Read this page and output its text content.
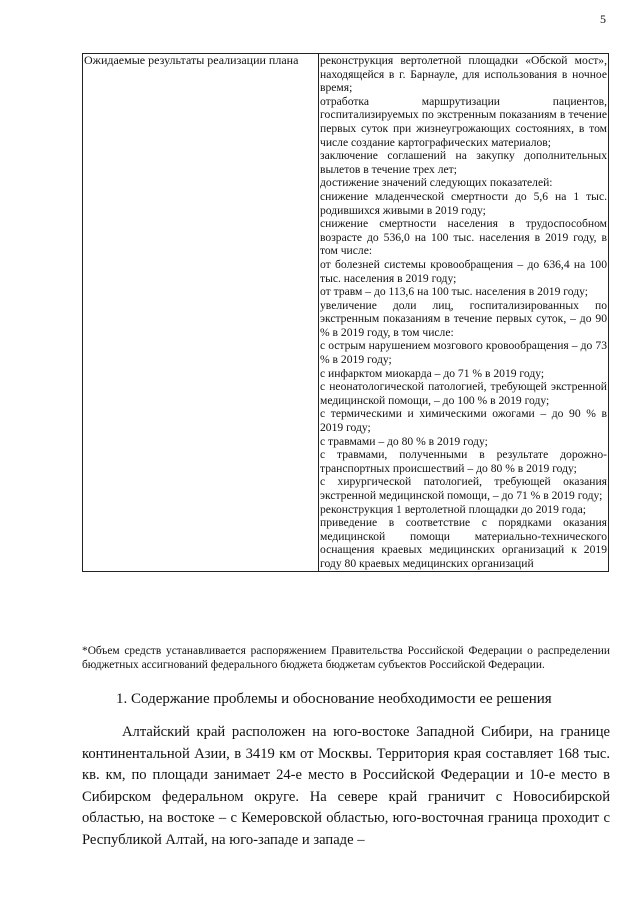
5
Ожидаемые результаты реализации плана	реконструкция вертолетной площадки «Обской мост», находящейся в г. Барнауле, для использования в ночное время;
отработка маршрутизации пациентов, госпитализируемых по экстренным показаниям в течение первых суток при жизнеугрожающих состояниях, в том числе создание картографических материалов;
заключение соглашений на закупку дополнительных вылетов в течение трех лет;
достижение значений следующих показателей:
снижение младенческой смертности до 5,6 на 1 тыс. родившихся живыми в 2019 году;
снижение смертности населения в трудоспособном возрасте до 536,0 на 100 тыс. населения в 2019 году, в том числе:
от болезней системы кровообращения – до 636,4 на 100 тыс. населения в 2019 году;
от травм – до 113,6 на 100 тыс. населения в 2019 году;
увеличение доли лиц, госпитализированных по экстренным показаниям в течение первых суток, – до 90 % в 2019 году, в том числе:
с острым нарушением мозгового кровообращения – до 73 % в 2019 году;
с инфарктом миокарда – до 71 % в 2019 году;
с неонатологической патологией, требующей экстренной медицинской помощи, – до 100 % в 2019 году;
с термическими и химическими ожогами – до 90 % в 2019 году;
с травмами – до 80 % в 2019 году;
с травмами, полученными в результате дорожно-транспортных происшествий – до 80 % в 2019 году;
с хирургической патологией, требующей оказания экстренной медицинской помощи, – до 71 % в 2019 году;
реконструкция 1 вертолетной площадки до 2019 года;
приведение в соответствие с порядками оказания медицинской помощи материально-технического оснащения краевых медицинских организаций к 2019 году 80 краевых медицинских организаций
*Объем средств устанавливается распоряжением Правительства Российской Федерации о распределении бюджетных ассигнований федерального бюджета бюджетам субъектов Российской Федерации.
1. Содержание проблемы и обоснование необходимости ее решения

Алтайский край расположен на юго-востоке Западной Сибири, на границе континентальной Азии, в 3419 км от Москвы. Территория края составляет 168 тыс. кв. км, по площади занимает 24-е место в Российской Федерации и 10-е место в Сибирском федеральном округе. На севере край граничит с Новосибирской областью, на востоке – с Кемеровской областью, юго-восточная граница проходит с Республикой Алтай, на юго-западе и западе –
